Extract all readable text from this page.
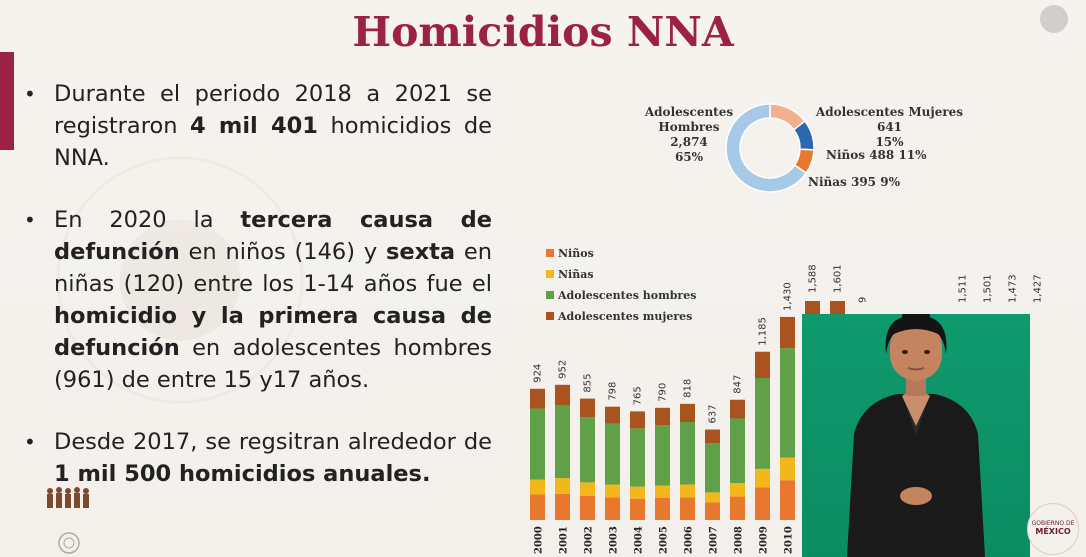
Homicidios NNA	i
• Durante el periodo 2018 a 2021 se registraron 4 mil 401 homicidios de NNA.
• En 2020 la tercera causa de defunción en niños (146) y sexta en niñas (120) entre los 1-14 años fue el homicidio y la primera causa de defunción en adolescentes hombres (961) de entre 15 y17 años.
• Desde 2017, se regsitran alrededor de 1 mil 500 homicidios anuales.
Adolescentes Hombres
2,874
65%
Adolescentes Mujeres 641
15%
Niños 488 11%
Niñas 395 9%
Niños
Niñas
Adolescentes hombres
Adolescentes mujeres
924
2000
952
2001
855
2002
798
2003
765
2004
790
2005
818
2006
637
2007
847
2008
1,185
2009
1,430
2010
1,588 1,601
9	1,511 1,501 1,473 1,427
GOBIERNO DE
MÉXICO
